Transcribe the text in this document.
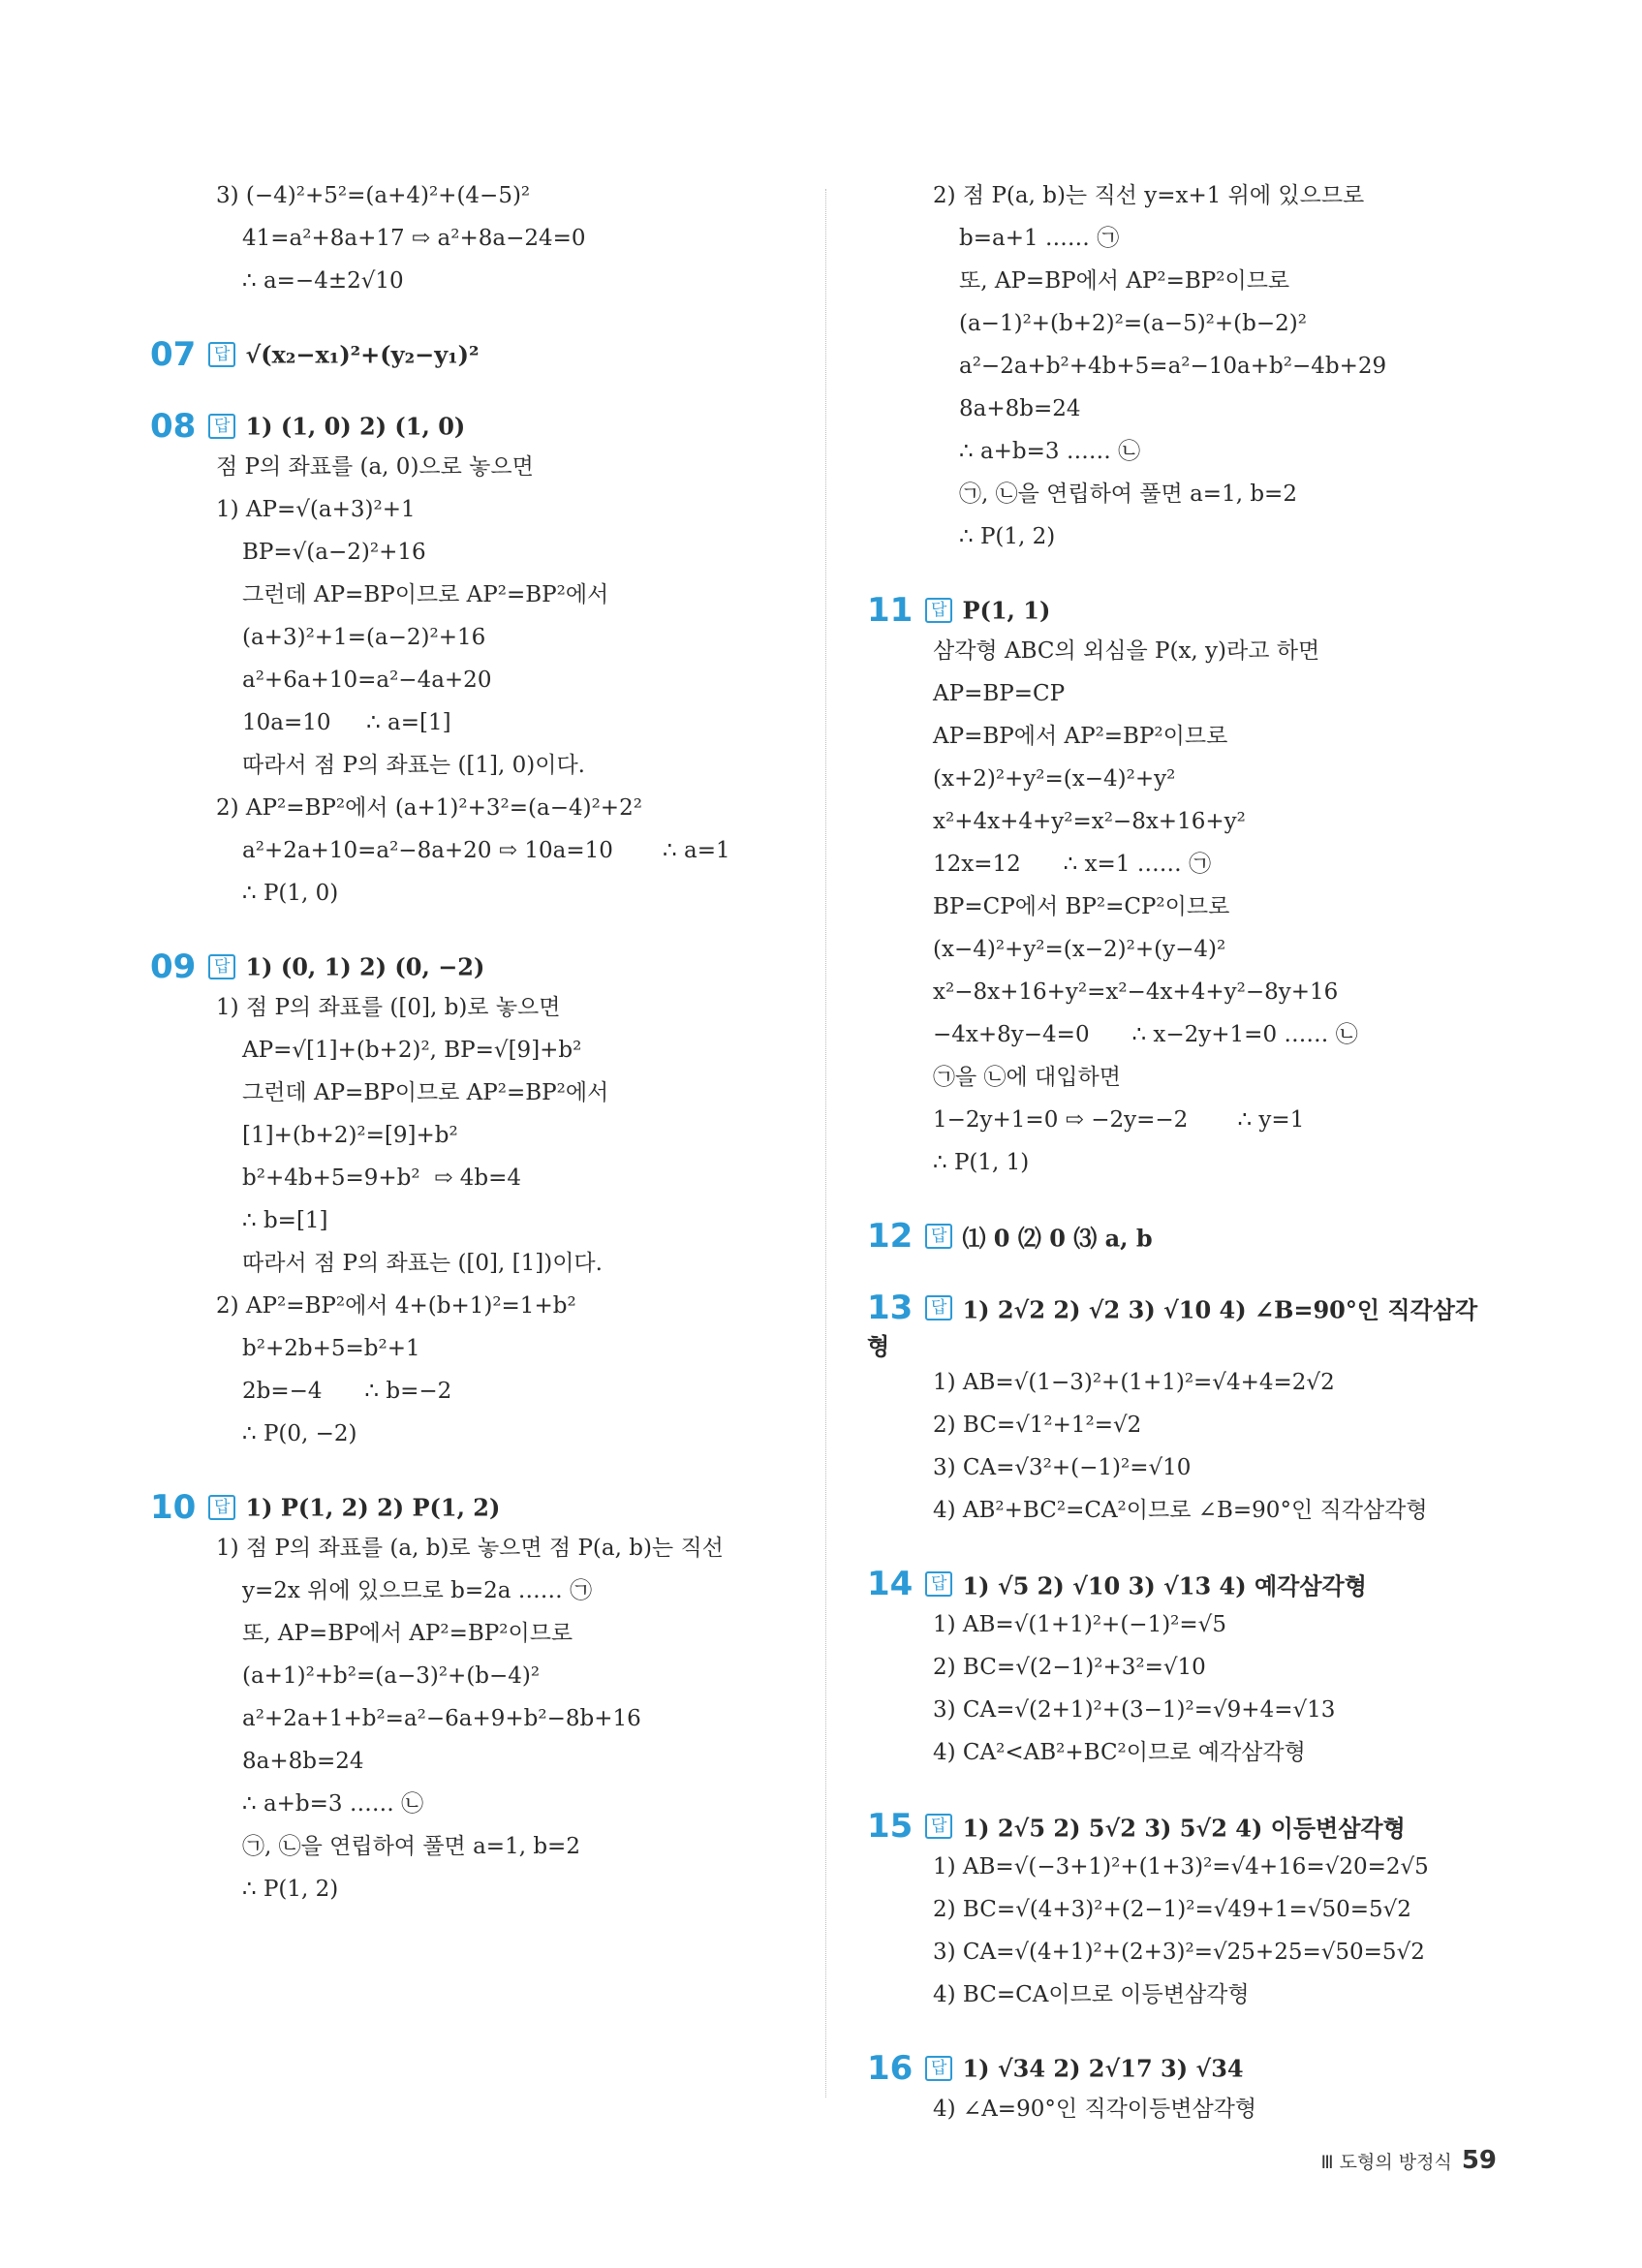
3) (−4)²+5²=(a+4)²+(4−5)²
41=a²+8a+17 ⇨ a²+8a−24=0
∴ a=−4±2√10
07 답 √(x₂−x₁)²+(y₂−y₁)²
08 답 1) (1, 0) 2) (1, 0)
점 P의 좌표를 (a, 0)으로 놓으면
1) AP=√(a+3)²+1
BP=√(a−2)²+16
그런데 AP=BP이므로 AP²=BP²에서
(a+3)²+1=(a−2)²+16
a²+6a+10=a²−4a+20
10a=10     ∴ a=[1]
따라서 점 P의 좌표는 ([1], 0)이다.
2) AP²=BP²에서 (a+1)²+3²=(a−4)²+2²
a²+2a+10=a²−8a+20 ⇨ 10a=10       ∴ a=1
∴ P(1, 0)
09 답 1) (0, 1) 2) (0, −2)
1) 점 P의 좌표를 ([0], b)로 놓으면
AP=√[1]+(b+2)², BP=√[9]+b²
그런데 AP=BP이므로 AP²=BP²에서
[1]+(b+2)²=[9]+b²
b²+4b+5=9+b²  ⇨ 4b=4
∴ b=[1]
따라서 점 P의 좌표는 ([0], [1])이다.
2) AP²=BP²에서 4+(b+1)²=1+b²
b²+2b+5=b²+1
2b=−4      ∴ b=−2
∴ P(0, −2)
10 답 1) P(1, 2) 2) P(1, 2)
1) 점 P의 좌표를 (a, b)로 놓으면 점 P(a, b)는 직선
y=2x 위에 있으므로 b=2a …… ㉠
또, AP=BP에서 AP²=BP²이므로
(a+1)²+b²=(a−3)²+(b−4)²
a²+2a+1+b²=a²−6a+9+b²−8b+16
8a+8b=24
∴ a+b=3 …… ㉡
㉠, ㉡을 연립하여 풀면 a=1, b=2
∴ P(1, 2)
2) 점 P(a, b)는 직선 y=x+1 위에 있으므로
b=a+1 …… ㉠
또, AP=BP에서 AP²=BP²이므로
(a−1)²+(b+2)²=(a−5)²+(b−2)²
a²−2a+b²+4b+5=a²−10a+b²−4b+29
8a+8b=24
∴ a+b=3 …… ㉡
㉠, ㉡을 연립하여 풀면 a=1, b=2
∴ P(1, 2)
11 답 P(1, 1)
삼각형 ABC의 외심을 P(x, y)라고 하면
AP=BP=CP
AP=BP에서 AP²=BP²이므로
(x+2)²+y²=(x−4)²+y²
x²+4x+4+y²=x²−8x+16+y²
12x=12      ∴ x=1 …… ㉠
BP=CP에서 BP²=CP²이므로
(x−4)²+y²=(x−2)²+(y−4)²
x²−8x+16+y²=x²−4x+4+y²−8y+16
−4x+8y−4=0      ∴ x−2y+1=0 …… ㉡
㉠을 ㉡에 대입하면
1−2y+1=0 ⇨ −2y=−2       ∴ y=1
∴ P(1, 1)
12 답 ⑴ 0 ⑵ 0 ⑶ a, b
13 답 1) 2√2 2) √2 3) √10 4) ∠B=90°인 직각삼각형
1) AB=√(1−3)²+(1+1)²=√4+4=2√2
2) BC=√1²+1²=√2
3) CA=√3²+(−1)²=√10
4) AB²+BC²=CA²이므로 ∠B=90°인 직각삼각형
14 답 1) √5 2) √10 3) √13 4) 예각삼각형
1) AB=√(1+1)²+(−1)²=√5
2) BC=√(2−1)²+3²=√10
3) CA=√(2+1)²+(3−1)²=√9+4=√13
4) CA²<AB²+BC²이므로 예각삼각형
15 답 1) 2√5 2) 5√2 3) 5√2 4) 이등변삼각형
1) AB=√(−3+1)²+(1+3)²=√4+16=√20=2√5
2) BC=√(4+3)²+(2−1)²=√49+1=√50=5√2
3) CA=√(4+1)²+(2+3)²=√25+25=√50=5√2
4) BC=CA이므로 이등변삼각형
16 답 1) √34 2) 2√17 3) √34
4) ∠A=90°인 직각이등변삼각형
Ⅲ 도형의 방정식 59
